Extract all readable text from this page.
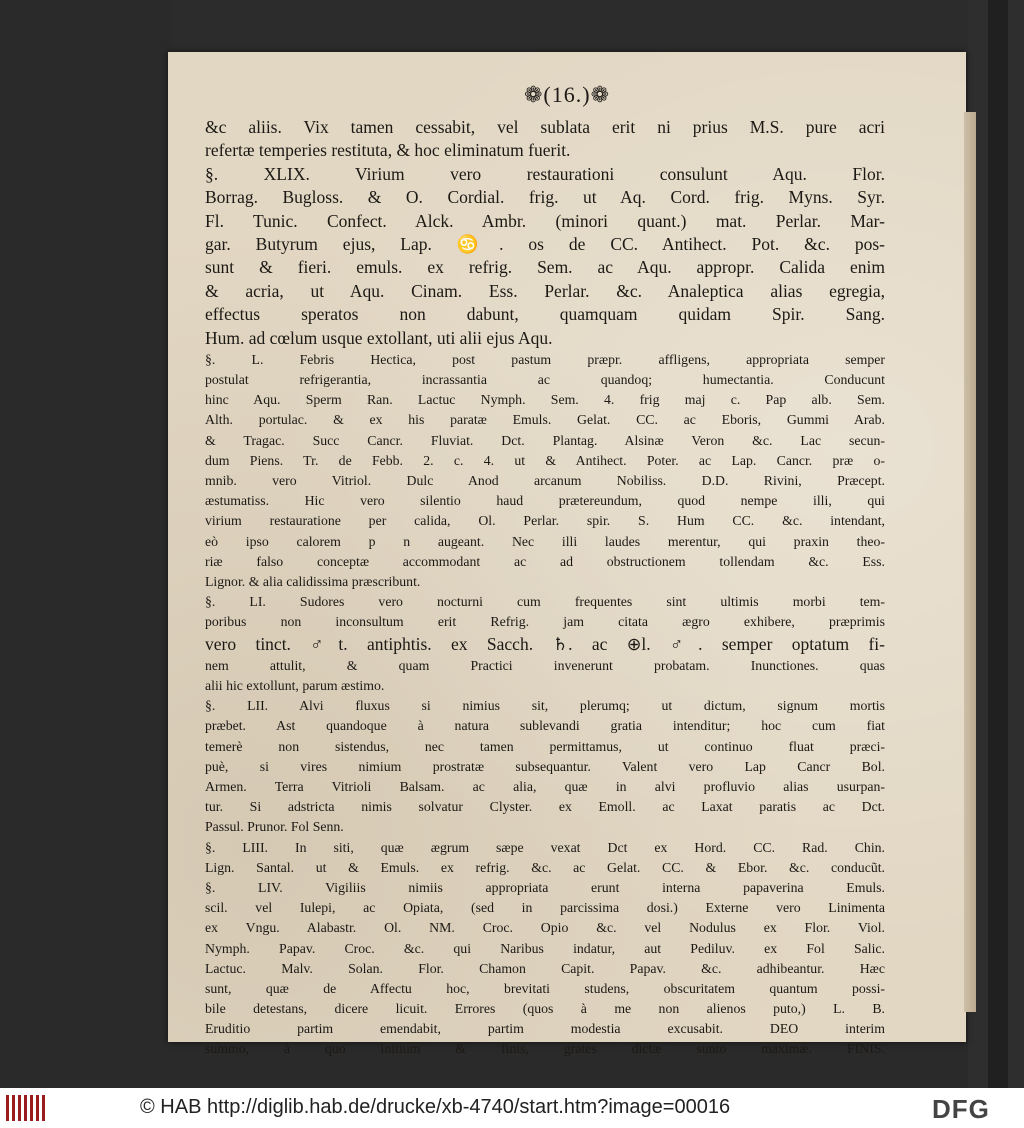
❁(16.)❁
&c aliis. Vix tamen cessabit, vel sublata erit ni prius M.S. pure acri
refertæ temperies restituta, & hoc eliminatum fuerit.
§. XLIX. Virium vero restaurationi consulunt Aqu. Flor.
Borrag. Bugloss. & O. Cordial. frig. ut Aq. Cord. frig. Myns. Syr.
Fl. Tunic. Confect. Alck. Ambr. (minori quant.) mat. Perlar. Mar-
gar. Butyrum ejus, Lap. ♋. os de CC. Antihect. Pot. &c. pos-
sunt & fieri. emuls. ex refrig. Sem. ac Aqu. appropr. Calida enim
& acria, ut Aqu. Cinam. Ess. Perlar. &c. Analeptica alias egregia,
effectus speratos non dabunt, quamquam quidam Spir. Sang.
Hum. ad cœlum usque extollant, uti alii ejus Aqu.
§. L. Febris Hectica, post pastum præpr. affligens, appropriata semper
postulat refrigerantia, incrassantia ac quandoq; humectantia. Conducunt
hinc Aqu. Sperm Ran. Lactuc Nymph. Sem. 4. frig maj c. Pap alb. Sem.
Alth. portulac. & ex his paratæ Emuls. Gelat. CC. ac Eboris, Gummi Arab.
& Tragac. Succ Cancr. Fluviat. Dct. Plantag. Alsinæ Veron &c. Lac secun-
dum Piens. Tr. de Febb. 2. c. 4. ut & Antihect. Poter. ac Lap. Cancr. præ o-
mnib. vero Vitriol. Dulc Anod arcanum Nobiliss. D.D. Rivini, Præcept.
æstumatiss. Hic vero silentio haud prætereundum, quod nempe illi, qui
virium restauratione per calida, Ol. Perlar. spir. S. Hum CC. &c. intendant,
eò ipso calorem p n augeant. Nec illi laudes merentur, qui praxin theo-
riæ falso conceptæ accommodant ac ad obstructionem tollendam &c. Ess.
Lignor. & alia calidissima præscribunt.
§. LI. Sudores vero nocturni cum frequentes sint ultimis morbi tem-
poribus non inconsultum erit Refrig. jam citata ægro exhibere, præprimis
vero tinct. ♂t. antiphtis. ex Sacch. ♄. ac ⊕l. ♂. semper optatum fi-
nem attulit, & quam Practici invenerunt probatam. Inunctiones. quas
alii hic extollunt, parum æstimo.
§. LII. Alvi fluxus si nimius sit, plerumq; ut dictum, signum mortis
præbet. Ast quandoque à natura sublevandi gratia intenditur; hoc cum fiat
temerè non sistendus, nec tamen permittamus, ut continuo fluat præci-
puè, si vires nimium prostratæ subsequantur. Valent vero Lap Cancr Bol.
Armen. Terra Vitrioli Balsam. ac alia, quæ in alvi profluvio alias usurpan-
tur. Si adstricta nimis solvatur Clyster. ex Emoll. ac Laxat paratis ac Dct.
Passul. Prunor. Fol Senn.
§. LIII. In siti, quæ ægrum sæpe vexat Dct ex Hord. CC. Rad. Chin.
Lign. Santal. ut & Emuls. ex refrig. &c. ac Gelat. CC. & Ebor. &c. conducũt.
§. LIV. Vigiliis nimiis appropriata erunt interna papaverina Emuls.
scil. vel Iulepi, ac Opiata, (sed in parcissima dosi.) Externe vero Linimenta
ex Vngu. Alabastr. Ol. NM. Croc. Opio &c. vel Nodulus ex Flor. Viol.
Nymph. Papav. Croc. &c. qui Naribus indatur, aut Pediluv. ex Fol Salic.
Lactuc. Malv. Solan. Flor. Chamon Capit. Papav. &c. adhibeantur. Hæc
sunt, quæ de Affectu hoc, brevitati studens, obscuritatem quantum possi-
bile detestans, dicere licuit. Errores (quos à me non alienos puto,) L. B.
Eruditio partim emendabit, partim modestia excusabit. DEO interim
summo, à quo initium & finis, grates dictæ sunto maximæ. FINIS.
© HAB http://diglib.hab.de/drucke/xb-4740/start.htm?image=00016	DFG
